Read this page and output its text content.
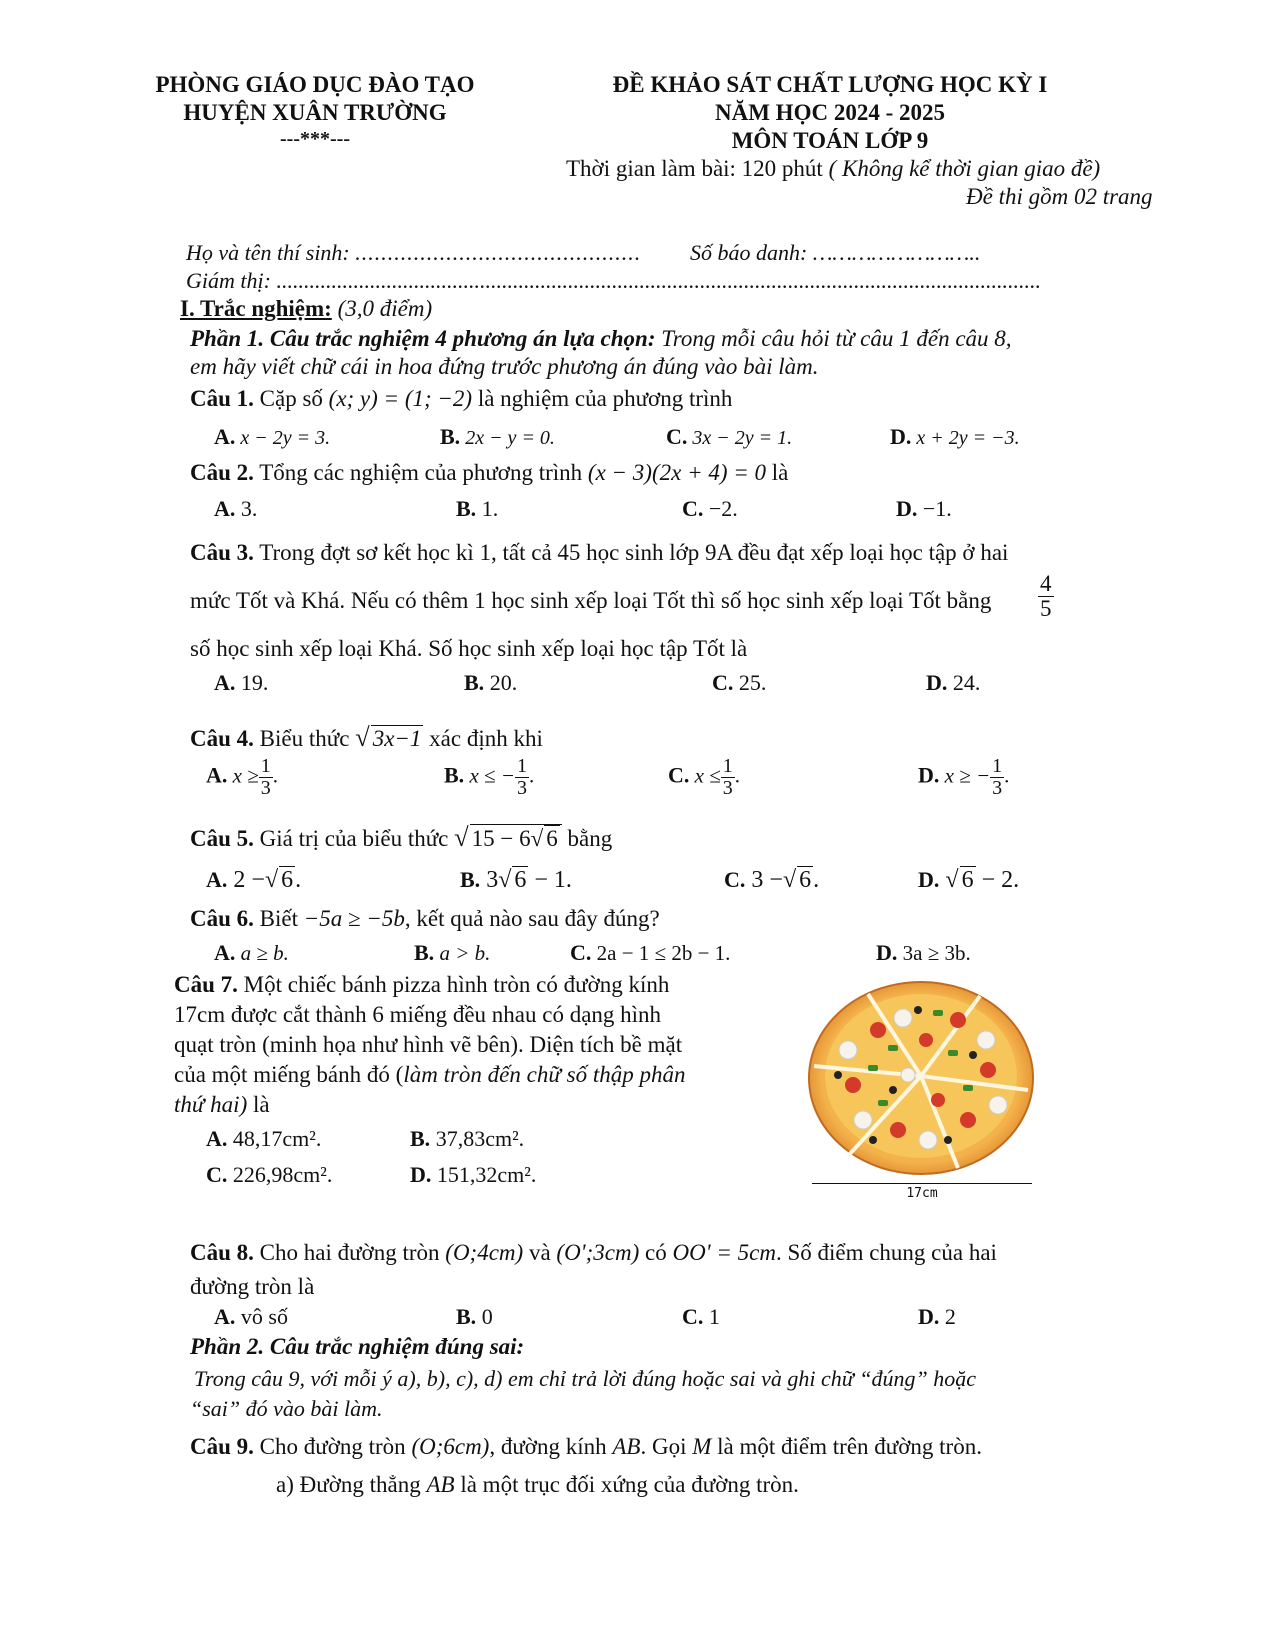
PHÒNG GIÁO DỤC ĐÀO TẠO
HUYỆN XUÂN TRƯỜNG
---***---
ĐỀ KHẢO SÁT CHẤT LƯỢNG HỌC KỲ I
NĂM HỌC 2024 - 2025
MÔN TOÁN LỚP 9
Thời gian làm bài: 120 phút ( Không kể thời gian giao đề)
Đề thi gồm 02 trang
Họ và tên thí sinh: ............................................ Số báo danh: ……………………..
Giám thị: ...........................................................................................................................................
I. Trắc nghiệm: (3,0 điểm)
Phần 1. Câu trắc nghiệm 4 phương án lựa chọn: Trong mỗi câu hỏi từ câu 1 đến câu 8,
em hãy viết chữ cái in hoa đứng trước phương án đúng vào bài làm.
Câu 1. Cặp số (x; y) = (1; −2) là nghiệm của phương trình
A. x − 2y = 3.	B. 2x − y = 0.	C. 3x − 2y = 1.	D. x + 2y = −3.
Câu 2. Tổng các nghiệm của phương trình (x − 3)(2x + 4) = 0 là
A. 3.	B. 1.	C. −2.	D. −1.
Câu 3. Trong đợt sơ kết học kì 1, tất cả 45 học sinh lớp 9A đều đạt xếp loại học tập ở hai
mức Tốt và Khá. Nếu có thêm 1 học sinh xếp loại Tốt thì số học sinh xếp loại Tốt bằng $\frac{4}{5}$
số học sinh xếp loại Khá. Số học sinh xếp loại học tập Tốt là
A. 19.	B. 20.	C. 25.	D. 24.
Câu 4. Biểu thức √ 3x−1 xác định khi
A. $x \ge \frac{1}{3}$ .	B. x ≤ − $\frac{1}{3}$ .	C. $x \le \frac{1}{3}$ .	D. x ≥ − $\frac{1}{3}$ .
Câu 5. Giá trị của biểu thức √ 15 − 6√ 6 bằng
A. 2 −√ 6.	B. 3√ 6 − 1.	C. 3 −√ 6.	D. √ 6 − 2.
Câu 6. Biết −5a ≥ −5b, kết quả nào sau đây đúng?
A. a ≥ b.	B. a > b.	C. 2a − 1 ≤ 2b − 1.	D. 3a ≥ 3b.
Câu 7. Một chiếc bánh pizza hình tròn có đường kính
17cm được cắt thành 6 miếng đều nhau có dạng hình
quạt tròn (minh họa như hình vẽ bên). Diện tích bề mặt
của một miếng bánh đó (làm tròn đến chữ số thập phân
thứ hai) là
A. 48,17cm².	B. 37,83cm².
C. 226,98cm².	D. 151,32cm².
17cm
Câu 8. Cho hai đường tròn (O;4cm) và (O';3cm) có OO' = 5cm. Số điểm chung của hai
đường tròn là
A. vô số	B. 0	C. 1	D. 2
Phần 2. Câu trắc nghiệm đúng sai:
Trong câu 9, với mỗi ý a), b), c), d) em chỉ trả lời đúng hoặc sai và ghi chữ “đúng” hoặc
“sai” đó vào bài làm.
Câu 9. Cho đường tròn (O;6cm), đường kính AB. Gọi M là một điểm trên đường tròn.
a) Đường thẳng AB là một trục đối xứng của đường tròn.
